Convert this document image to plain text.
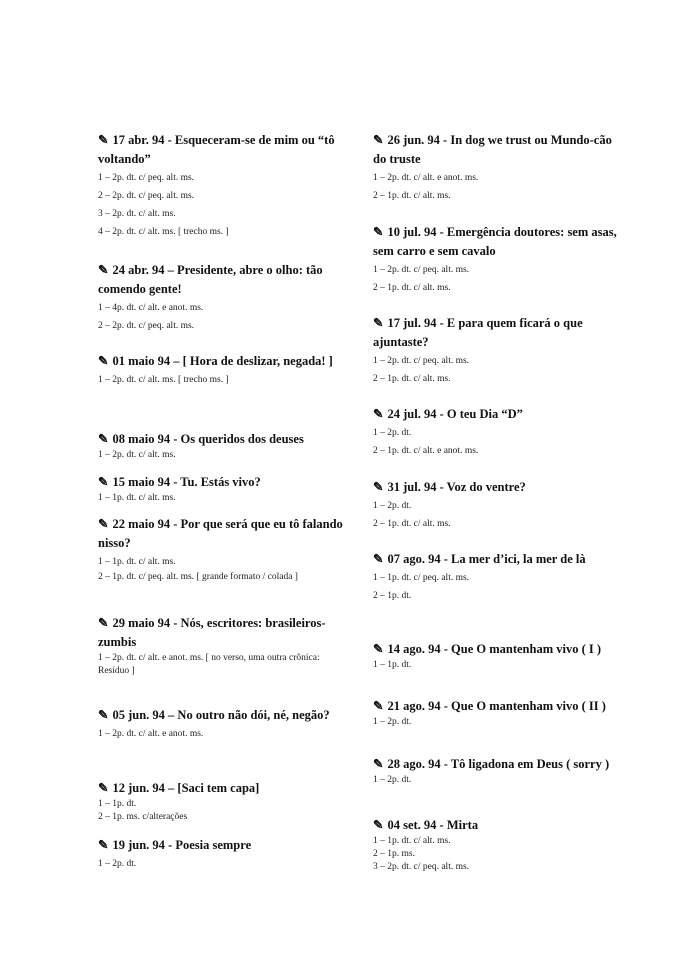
✎ 17 abr. 94 - Esqueceram-se de mim ou “tô voltando”

1 – 2p. dt. c/ peq. alt. ms.

2 – 2p. dt. c/ peq. alt. ms.

3 – 2p. dt. c/ alt. ms.

4 – 2p. dt. c/ alt. ms. [ trecho ms. ]

✎ 24 abr. 94 – Presidente, abre o olho: tão comendo gente!

1 – 4p. dt. c/ alt. e anot. ms.

2 – 2p. dt. c/ peq. alt. ms.

✎ 01 maio 94 – [ Hora de deslizar, negada! ]

1 – 2p. dt. c/ alt. ms. [ trecho ms. ]

✎ 08 maio 94 - Os queridos dos deuses

1 – 2p. dt. c/ alt. ms.

✎ 15 maio 94 - Tu. Estás vivo?

1 – 1p. dt. c/ alt. ms.

✎ 22 maio 94 - Por que será que eu tô falando nisso?

1 – 1p. dt. c/ alt. ms.

2 – 1p. dt. c/ peq. alt. ms. [ grande formato / colada ]

✎ 29 maio 94 - Nós, escritores: brasileiros-zumbis

1 – 2p. dt. c/ alt. e anot. ms. [ no verso, uma outra crônica: Resíduo ]

✎ 05 jun. 94 – No outro não dói, né, negão?

1 – 2p. dt. c/ alt. e anot. ms.

✎ 12 jun. 94 – [Saci tem capa]

1 – 1p. dt.

2 – 1p. ms. c/alterações

✎ 19 jun. 94 - Poesia sempre

1 – 2p. dt.

✎ 26 jun. 94 - In dog we trust ou Mundo-cão do truste

1 – 2p. dt. c/ alt. e anot. ms.

2 – 1p. dt. c/ alt. ms.

✎ 10 jul. 94 - Emergência doutores: sem asas, sem carro e sem cavalo

1 – 2p. dt. c/ peq. alt. ms.

2 – 1p. dt. c/ alt. ms.

✎ 17 jul. 94 - E para quem ficará o que ajuntaste?

1 – 2p. dt. c/ peq. alt. ms.

2 – 1p. dt. c/ alt. ms.

✎ 24 jul. 94 - O teu Dia “D”

1 – 2p. dt.

2 – 1p. dt. c/ alt. e anot. ms.

✎ 31 jul. 94 - Voz do ventre?

1 – 2p. dt.

2 – 1p. dt. c/ alt. ms.

✎ 07 ago. 94 - La mer d’ici, la mer de là

1 – 1p. dt. c/ peq. alt. ms.

2 – 1p. dt.

✎ 14 ago. 94 - Que O mantenham vivo ( I )

1 – 1p. dt.

✎ 21 ago. 94 - Que O mantenham vivo ( II )

1 – 2p. dt.

✎ 28 ago. 94 - Tô ligadona em Deus ( sorry )

1 – 2p. dt.

✎ 04 set. 94 - Mirta

1 – 1p. dt. c/ alt. ms.

2 – 1p. ms.

3 – 2p. dt. c/ peq. alt. ms.
